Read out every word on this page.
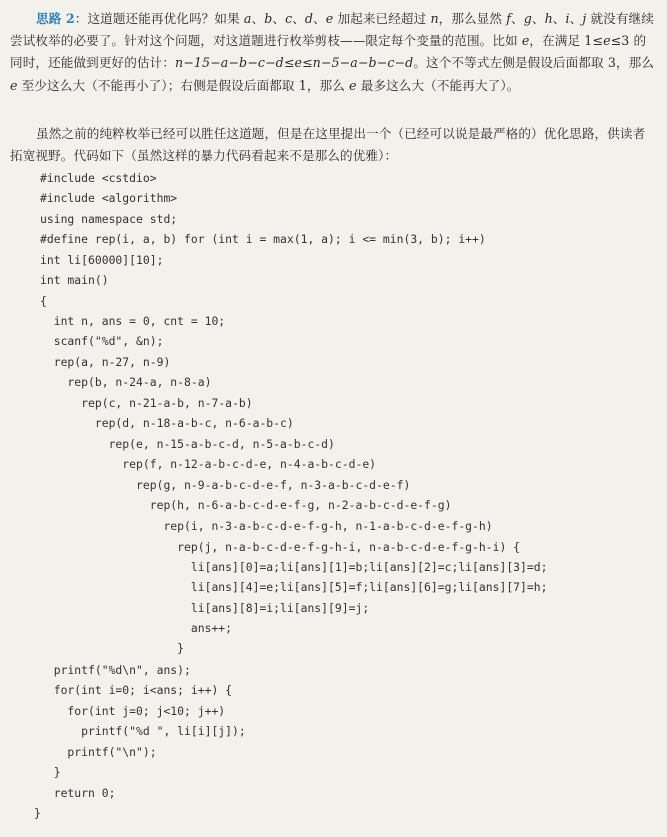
思路 2：这道题还能再优化吗？如果 a、b、c、d、e 加起来已经超过 n，那么显然 f、g、h、i、j 就没有继续尝试枚举的必要了。针对这个问题，对这道题进行枚举剪枝——限定每个变量的范围。比如 e，在满足 1≤e≤3 的同时，还能做到更好的估计：n−15−a−b−c−d≤e≤n−5−a−b−c−d。这个不等式左侧是假设后面都取 3，那么 e 至少这么大（不能再小了）；右侧是假设后面都取 1，那么 e 最多这么大（不能再大了）。
虽然之前的纯粹枚举已经可以胜任这道题，但是在这里提出一个（已经可以说是最严格的）优化思路，供读者拓宽视野。代码如下（虽然这样的暴力代码看起来不是那么的优雅）：
#include <cstdio>
#include <algorithm>
using namespace std;
#define rep(i, a, b) for (int i = max(1, a); i <= min(3, b); i++)
int li[60000][10];
int main()
{
int n, ans = 0, cnt = 10;
scanf("%d", &n);
rep(a, n-27, n-9)
rep(b, n-24-a, n-8-a)
rep(c, n-21-a-b, n-7-a-b)
rep(d, n-18-a-b-c, n-6-a-b-c)
rep(e, n-15-a-b-c-d, n-5-a-b-c-d)
rep(f, n-12-a-b-c-d-e, n-4-a-b-c-d-e)
rep(g, n-9-a-b-c-d-e-f, n-3-a-b-c-d-e-f)
rep(h, n-6-a-b-c-d-e-f-g, n-2-a-b-c-d-e-f-g)
rep(i, n-3-a-b-c-d-e-f-g-h, n-1-a-b-c-d-e-f-g-h)
rep(j, n-a-b-c-d-e-f-g-h-i, n-a-b-c-d-e-f-g-h-i) {
li[ans][0]=a;li[ans][1]=b;li[ans][2]=c;li[ans][3]=d;
li[ans][4]=e;li[ans][5]=f;li[ans][6]=g;li[ans][7]=h;
li[ans][8]=i;li[ans][9]=j;
ans++;
}
printf("%d\n", ans);
for(int i=0; i<ans; i++) {
for(int j=0; j<10; j++)
printf("%d ", li[i][j]);
printf("\n");
}
return 0;
}
